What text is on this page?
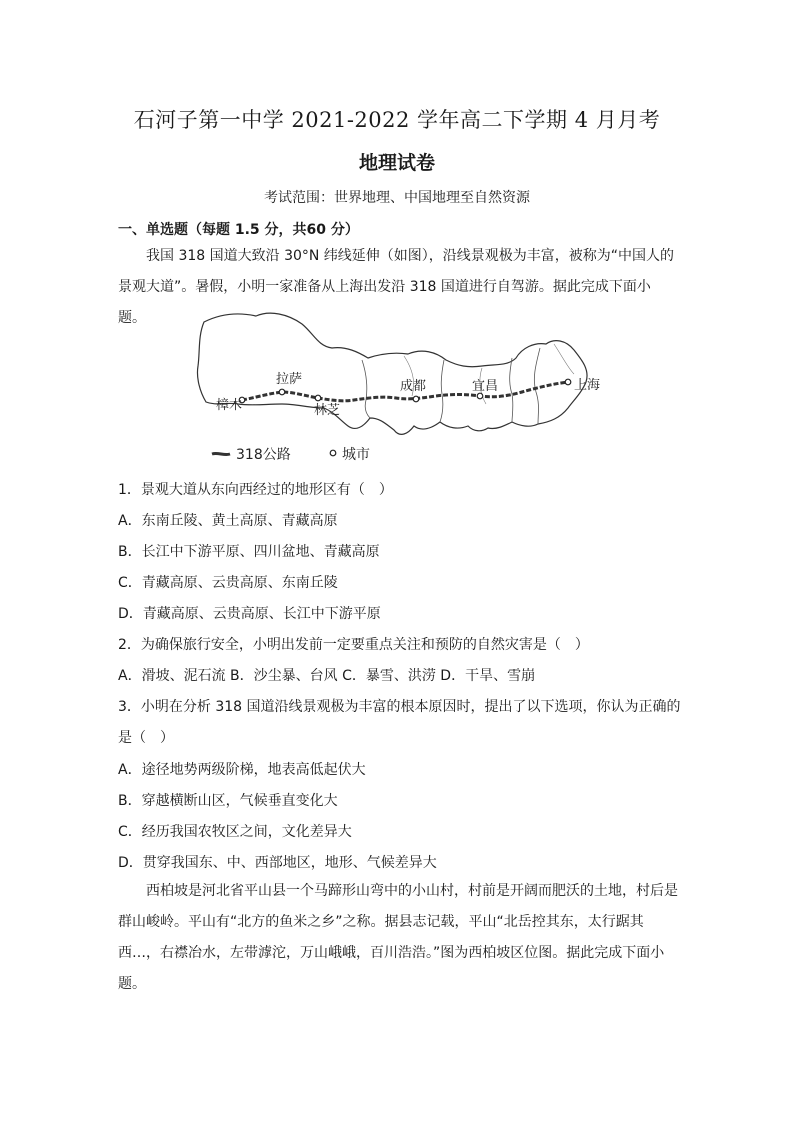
石河子第一中学 2021-2022 学年高二下学期 4 月月考
地理试卷
考试范围：世界地理、中国地理至自然资源
一、单选题（每题 1.5 分，共60 分）
我国 318 国道大致沿 30°N 纬线延伸（如图），沿线景观极为丰富，被称为“中国人的景观大道”。暑假，小明一家准备从上海出发沿 318 国道进行自驾游。据此完成下面小题。
樟木
拉萨
林芝
成都	宜昌	上海
318公路	城市
1．景观大道从东向西经过的地形区有（　）
A．东南丘陵、黄土高原、青藏高原
B．长江中下游平原、四川盆地、青藏高原
C．青藏高原、云贵高原、东南丘陵
D．青藏高原、云贵高原、长江中下游平原
2．为确保旅行安全，小明出发前一定要重点关注和预防的自然灾害是（　）
A．滑坡、泥石流 B．沙尘暴、台风 C．暴雪、洪涝 D．干旱、雪崩
3．小明在分析 318 国道沿线景观极为丰富的根本原因时，提出了以下选项，你认为正确的
是（　）
A．途径地势两级阶梯，地表高低起伏大
B．穿越横断山区，气候垂直变化大
C．经历我国农牧区之间，文化差异大
D．贯穿我国东、中、西部地区，地形、气候差异大
西柏坡是河北省平山县一个马蹄形山弯中的小山村，村前是开阔而肥沃的土地，村后是群山峻岭。平山有“北方的鱼米之乡”之称。据县志记载，平山“北岳控其东，太行踞其西…，右襟冶水，左带滹沱，万山峨峨，百川浩浩。”图为西柏坡区位图。据此完成下面小题。
